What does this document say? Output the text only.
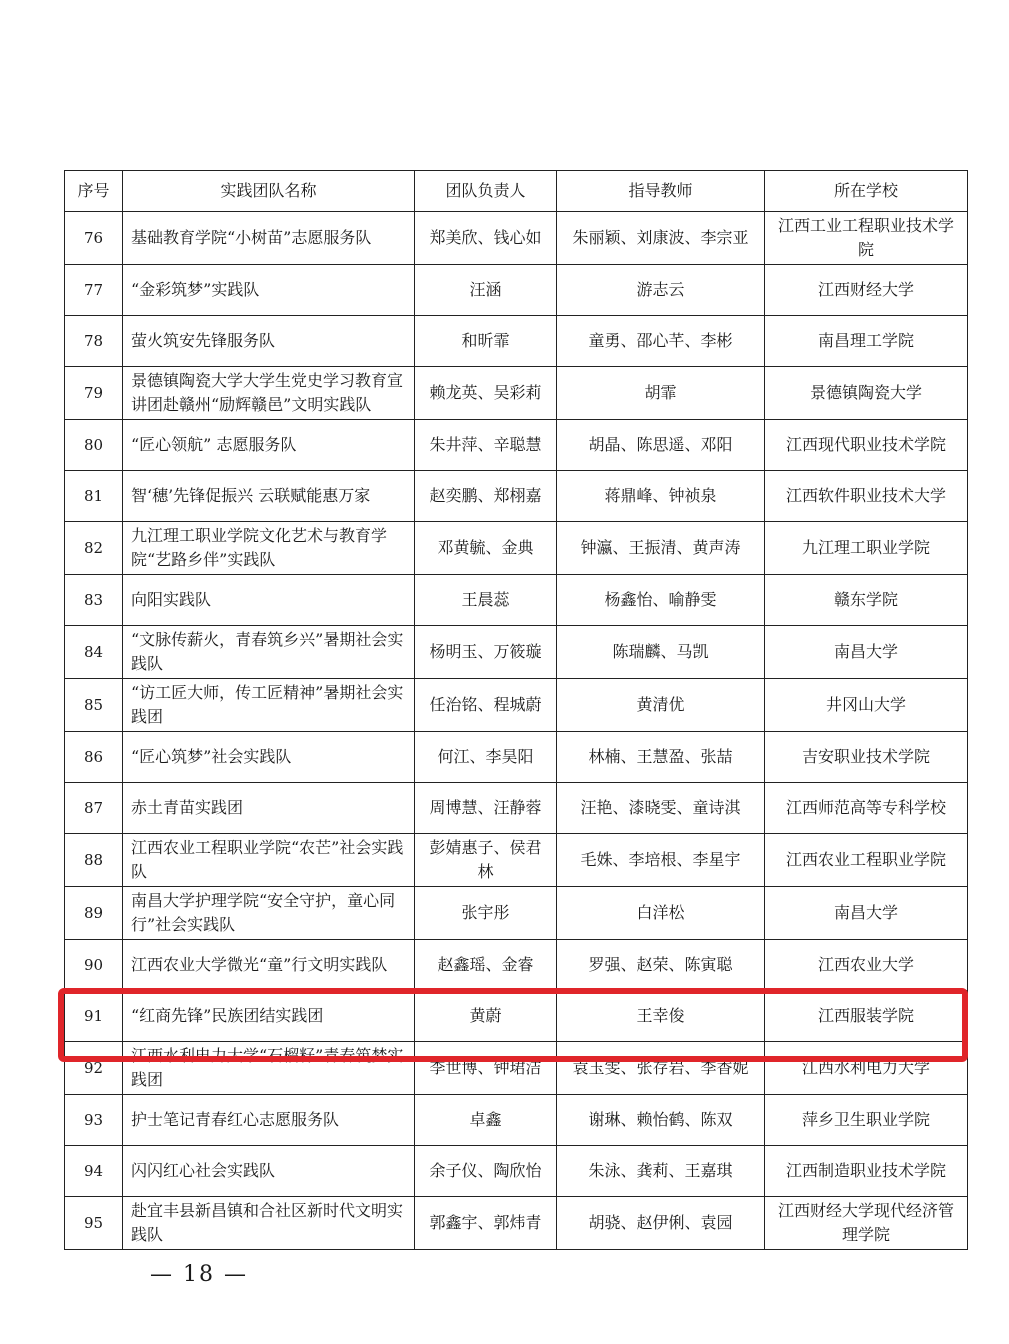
序号	实践团队名称	团队负责人	指导教师	所在学校
76	基础教育学院“小树苗”志愿服务队	郑美欣、钱心如	朱丽颖、刘康波、李宗亚	江西工业工程职业技术学院
77	“金彩筑梦”实践队	汪涵	游志云	江西财经大学
78	萤火筑安先锋服务队	和昕霏	童勇、邵心芊、李彬	南昌理工学院
79	景德镇陶瓷大学大学生党史学习教育宣讲团赴赣州“励辉赣邑”文明实践队	赖龙英、吴彩莉	胡霏	景德镇陶瓷大学
80	“匠心领航” 志愿服务队	朱井萍、辛聪慧	胡晶、陈思遥、邓阳	江西现代职业技术学院
81	智‘穗’先锋促振兴 云联赋能惠万家	赵奕鹏、郑栩嘉	蒋鼎峰、钟祯泉	江西软件职业技术大学
82	九江理工职业学院文化艺术与教育学院“艺路乡伴”实践队	邓黄毓、金典	钟瀛、王振清、黄声涛	九江理工职业学院
83	向阳实践队	王晨蕊	杨鑫怡、喻静雯	赣东学院
84	“文脉传薪火，青春筑乡兴”暑期社会实践队	杨明玉、万筱璇	陈瑞麟、马凯	南昌大学
85	“访工匠大师，传工匠精神”暑期社会实践团	任治铭、程城蔚	黄清优	井冈山大学
86	“匠心筑梦”社会实践队	何江、李昊阳	林楠、王慧盈、张喆	吉安职业技术学院
87	赤土青苗实践团	周博慧、汪静蓉	汪艳、漆晓雯、童诗淇	江西师范高等专科学校
88	江西农业工程职业学院“农芒”社会实践队	彭婧惠子、侯君林	毛姝、李培根、李星宇	江西农业工程职业学院
89	南昌大学护理学院“安全守护，童心同行”社会实践队	张宇彤	白洋松	南昌大学
90	江西农业大学微光“童”行文明实践队	赵鑫瑶、金睿	罗强、赵荣、陈寅聪	江西农业大学
91	“红商先锋”民族团结实践团	黄蔚	王幸俊	江西服装学院
92	江西水利电力大学“石榴籽”青春筑梦实践团	李世博、钟珺洁	袁玉雯、张存岩、李香妮	江西水利电力大学
93	护士笔记青春红心志愿服务队	卓鑫	谢琳、赖怡鹤、陈双	萍乡卫生职业学院
94	闪闪红心社会实践队	余子仪、陶欣怡	朱泳、龚莉、王嘉琪	江西制造职业技术学院
95	赴宜丰县新昌镇和合社区新时代文明实践队	郭鑫宇、郭炜青	胡骁、赵伊俐、袁园	江西财经大学现代经济管理学院
— 18 —
